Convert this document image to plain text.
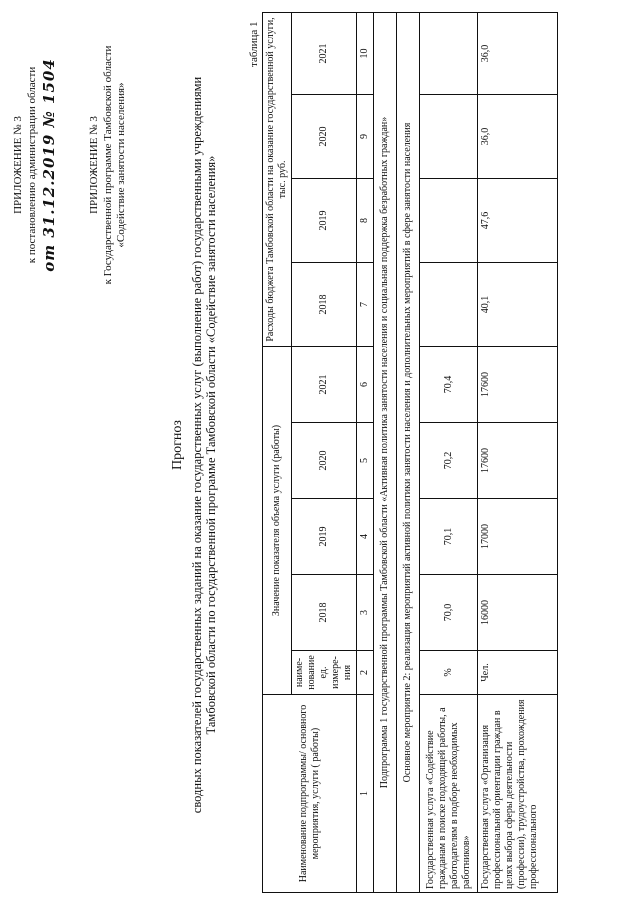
ПРИЛОЖЕНИЕ № 3 к постановлению администрации области от 31.12.2019 № 1504	ПРИЛОЖЕНИЕ № 3 к Государственной программе Тамбовской области «Содействие занятости населения»
Прогноз сводных показателей государственных заданий на оказание государственных услуг (выполнение работ) государственными учреждениями Тамбовской области по государственной программе Тамбовской области «Содействие занятости населения»
таблица 1
Наименование подпрограммы/ основного мероприятия, услуги ( работы)	Значение показателя объема услуги (работы)					Расходы бюджета Тамбовской области на оказание государственной услуги, тыс. руб.			
	наиме-нование ед. измере-ния	2018	2019	2020	2021	2018	2019	2020	2021
1	2	3	4	5	6	7	8	9	10
Подпрограмма 1 государственной программы Тамбовской области «Активная политика занятости населения и социальная поддержка безработных граждан»									
Основное мероприятие 2: реализация мероприятий активной политики занятости населения и дополнительных мероприятий в сфере занятости населения									
Государственная услуга «Содействие гражданам в поиске подходящей работы, а работодателям в подборе необходимых работников»	%	70,0	70,1	70,2	70,4				
Государственная услуга «Организация профессиональной ориентации граждан в целях выбора сферы деятельности (профессии), трудоустройства, прохождения профессионального	Чел.	16000	17000	17600	17600	40,1	47,6	36,0	36,0
